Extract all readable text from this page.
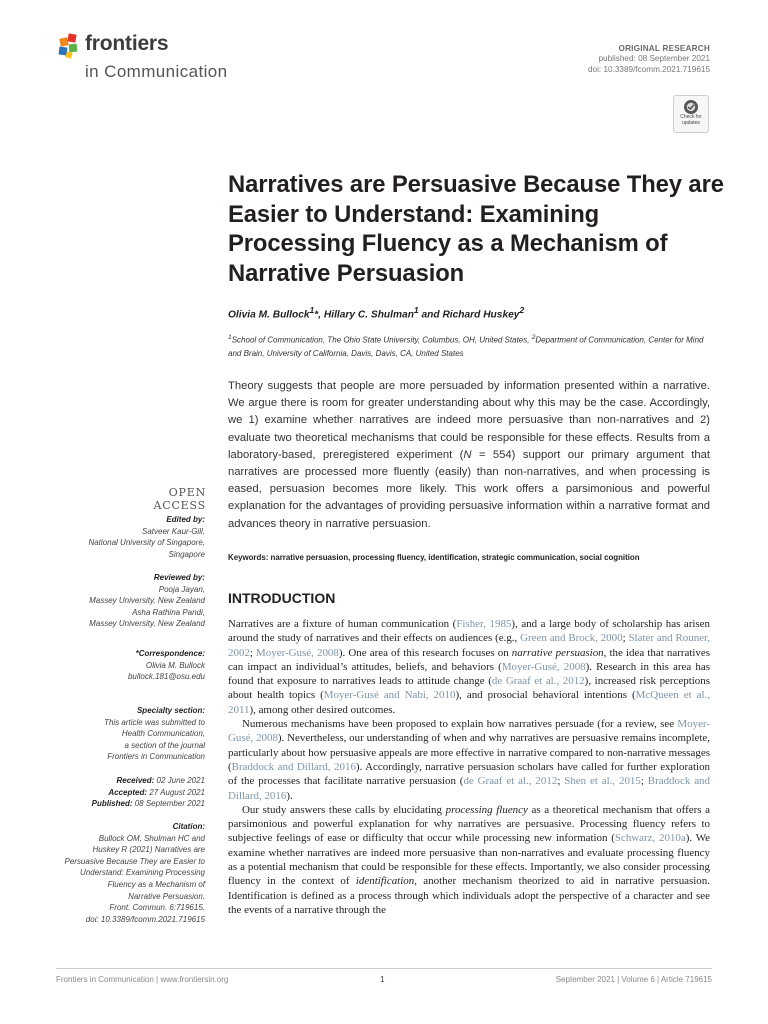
frontiers
in Communication
ORIGINAL RESEARCH
published: 08 September 2021
doi: 10.3389/fcomm.2021.719615
Check for
updates
Narratives are Persuasive Because They are Easier to Understand: Examining Processing Fluency as a Mechanism of Narrative Persuasion
Olivia M. Bullock$^1$*, Hillary C. Shulman$^1$ and Richard Huskey$^2$
$^1$School of Communication, The Ohio State University, Columbus, OH, United States, $^2$Department of Communication, Center for Mind and Brain, University of California, Davis, Davis, CA, United States
Theory suggests that people are more persuaded by information presented within a narrative. We argue there is room for greater understanding about why this may be the case. Accordingly, we 1) examine whether narratives are indeed more persuasive than non-narratives and 2) evaluate two theoretical mechanisms that could be responsible for these effects. Results from a laboratory-based, preregistered experiment (N = 554) support our primary argument that narratives are processed more fluently (easily) than non-narratives, and when processing is eased, persuasion becomes more likely. This work offers a parsimonious and powerful explanation for the advantages of providing persuasive information within a narrative format and advances theory in narrative persuasion.
Keywords: narrative persuasion, processing fluency, identification, strategic communication, social cognition
OPEN ACCESS
Edited by:
Satveer Kaur-Gill,
National University of Singapore,
Singapore
Reviewed by:
Pooja Jayan,
Massey University, New Zealand
Asha Rathina Pandi,
Massey University, New Zealand
*Correspondence:
Olivia M. Bullock
bullock.181@osu.edu
Specialty section:
This article was submitted to
Health Communication,
a section of the journal
Frontiers in Communication
Received: 02 June 2021
Accepted: 27 August 2021
Published: 08 September 2021
Citation:
Bullock OM, Shulman HC and
Huskey R (2021) Narratives are
Persuasive Because They are Easier to
Understand: Examining Processing
Fluency as a Mechanism of
Narrative Persuasion.
Front. Commun. 6:719615.
doi: 10.3389/fcomm.2021.719615
INTRODUCTION

Narratives are a fixture of human communication (Fisher, 1985), and a large body of scholarship has arisen around the study of narratives and their effects on audiences (e.g., Green and Brock, 2000; Slater and Rouner, 2002; Moyer-Gusé, 2008). One area of this research focuses on narrative persuasion, the idea that narratives can impact an individual’s attitudes, beliefs, and behaviors (Moyer-Gusé, 2008). Research in this area has found that exposure to narratives leads to attitude change (de Graaf et al., 2012), increased risk perceptions about health topics (Moyer-Gusé and Nabi, 2010), and prosocial behavioral intentions (McQueen et al., 2011), among other desired outcomes.

Numerous mechanisms have been proposed to explain how narratives persuade (for a review, see Moyer-Gusé, 2008). Nevertheless, our understanding of when and why narratives are persuasive remains incomplete, particularly about how persuasive appeals are more effective in narrative compared to non-narrative messages (Braddock and Dillard, 2016). Accordingly, narrative persuasion scholars have called for further exploration of the processes that facilitate narrative persuasion (de Graaf et al., 2012; Shen et al., 2015; Braddock and Dillard, 2016).

Our study answers these calls by elucidating processing fluency as a theoretical mechanism that offers a parsimonious and powerful explanation for why narratives are persuasive. Processing fluency refers to subjective feelings of ease or difficulty that occur while processing new information (Schwarz, 2010a). We examine whether narratives are indeed more persuasive than non-narratives and evaluate processing fluency as a potential mechanism that could be responsible for these effects. Importantly, we also consider processing fluency in the context of identification, another mechanism theorized to aid in narrative persuasion. Identification is defined as a process through which individuals adopt the perspective of a character and see the events of a narrative through the

Frontiers in Communication | www.frontiersin.org	1	September 2021 | Volume 6 | Article 719615
